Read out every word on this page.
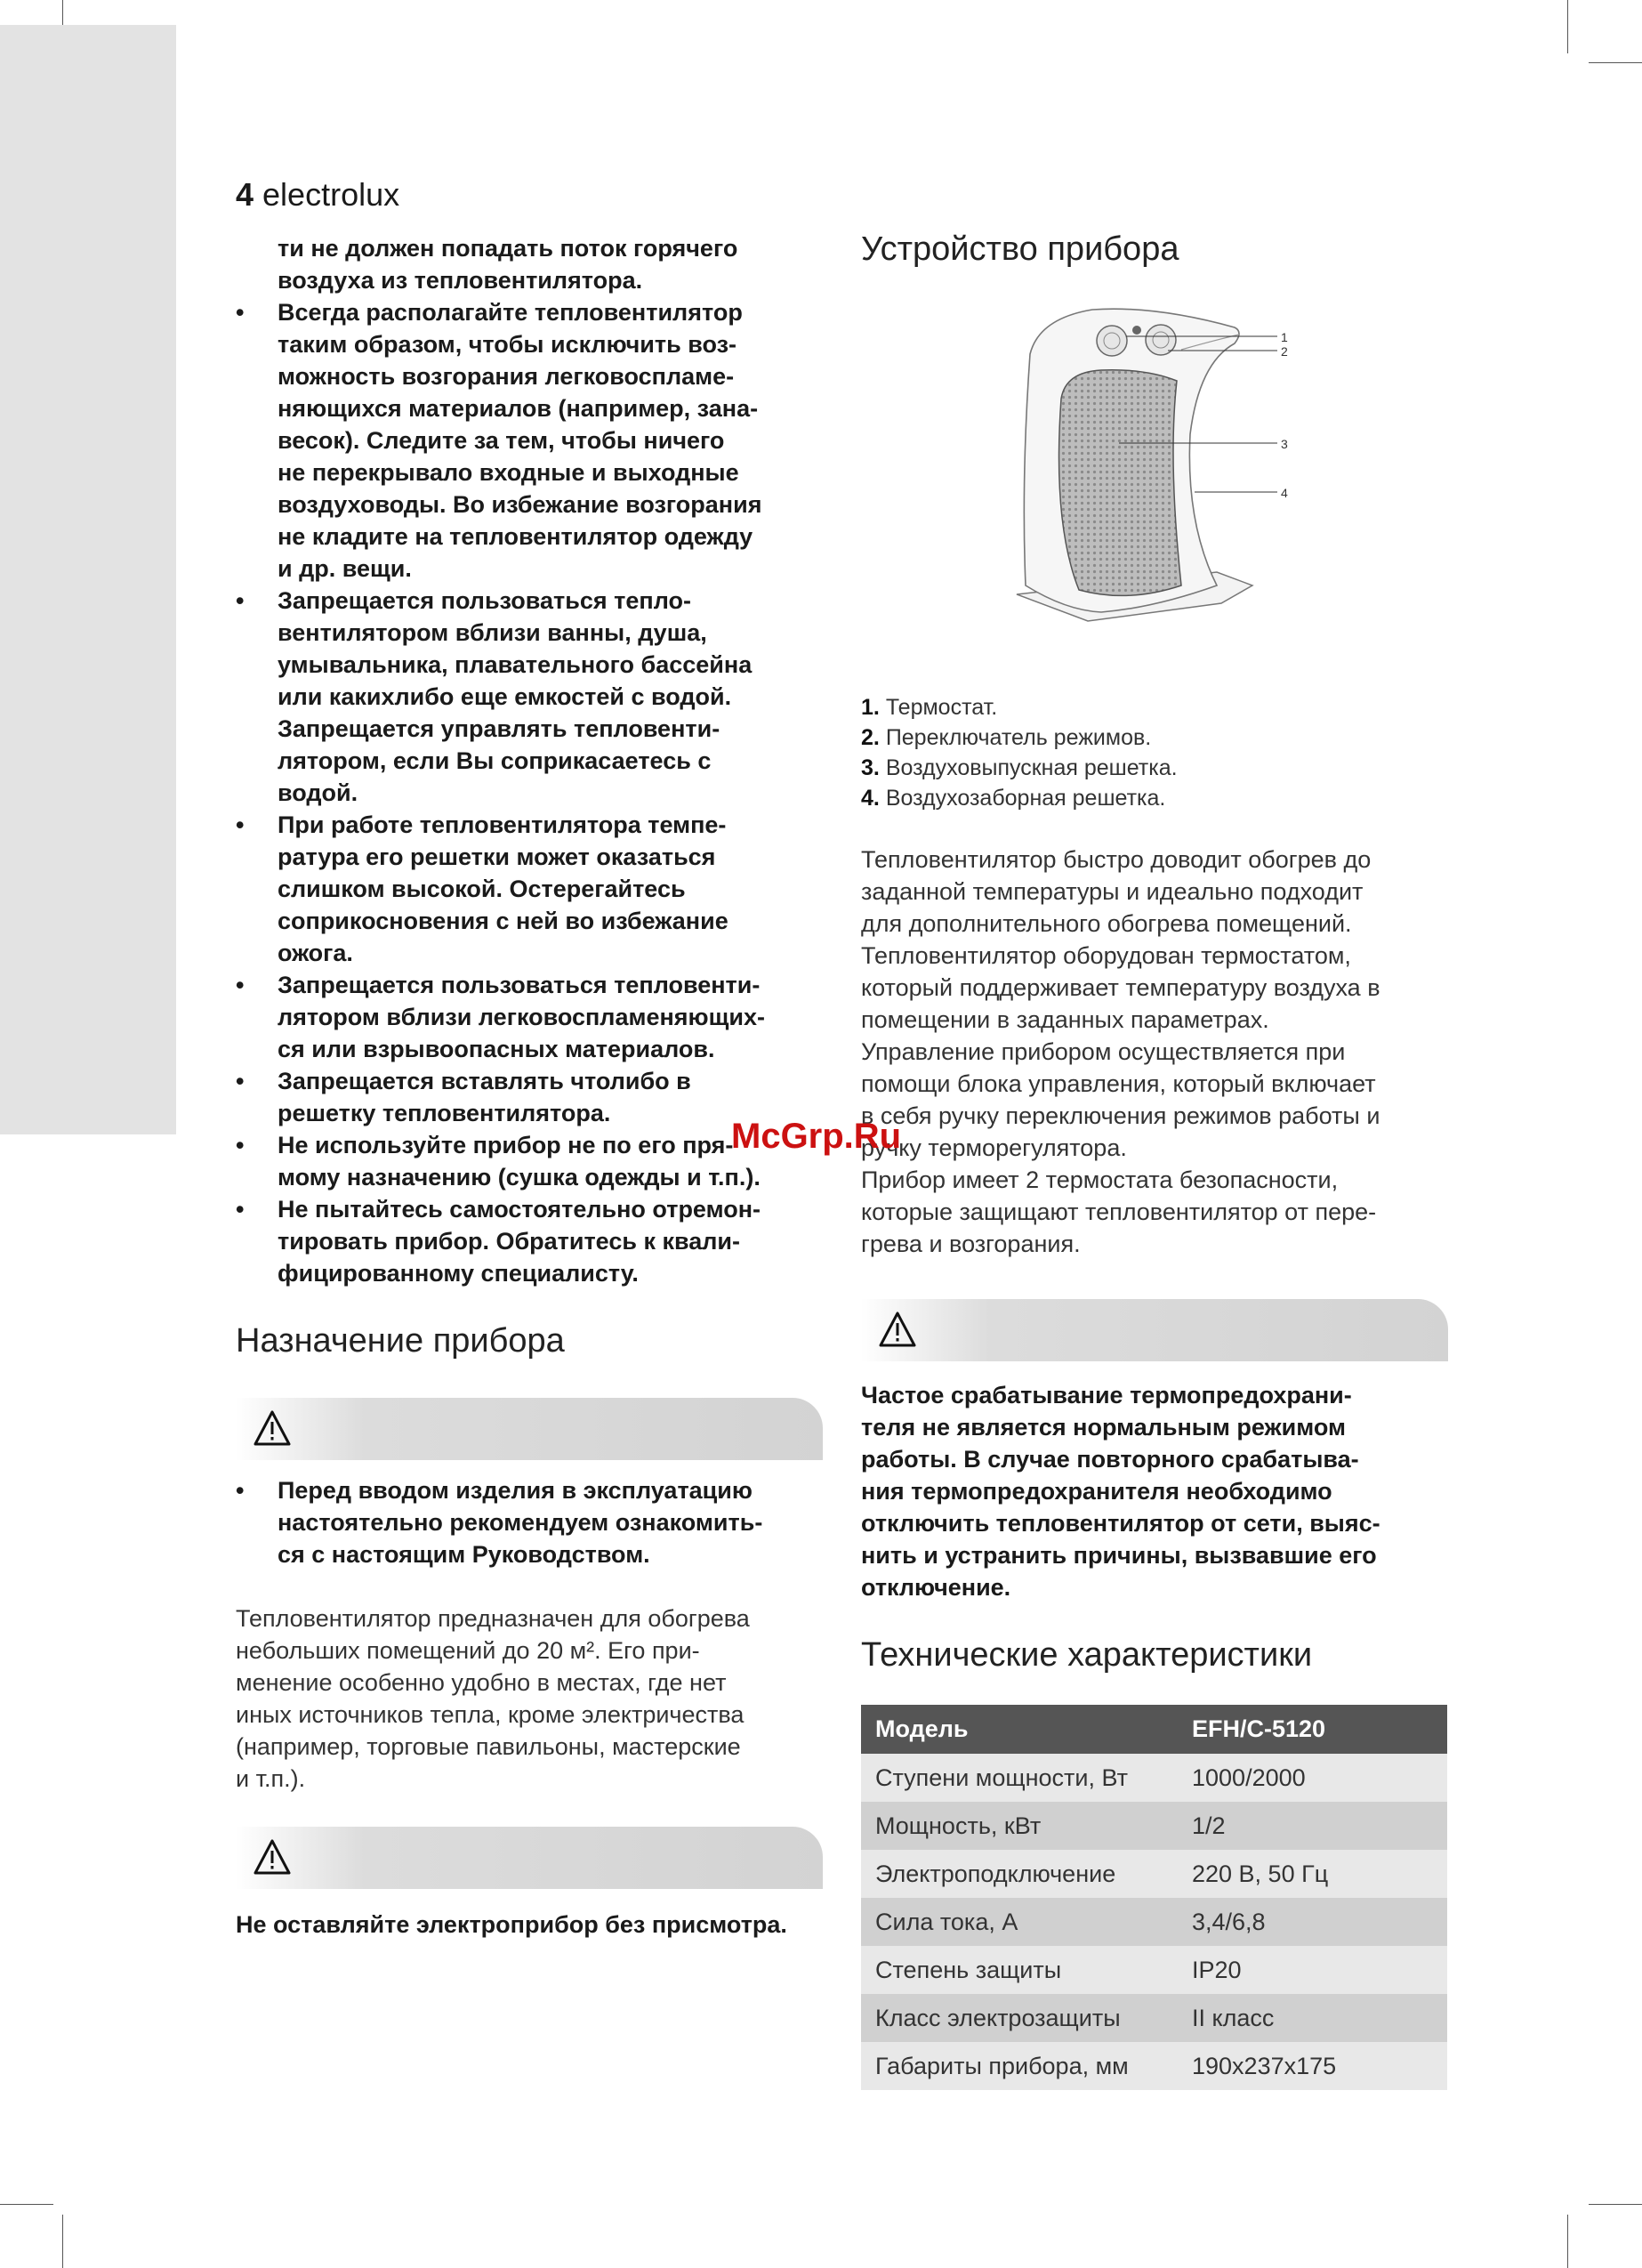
4 electrolux

ти не должен попадать поток горячего
воздуха из тепловентилятора.

• Всегда располагайте тепловентилятор
таким образом, чтобы исключить воз-
можность возгорания легковоспламе-
няющихся материалов (например, зана-
весок). Следите за тем, чтобы ничего
не перекрывало входные и выходные
воздуховоды. Во избежание возгорания
не кладите на тепловентилятор одежду
и др. вещи.
• Запрещается пользоваться тепло-
вентилятором вблизи ванны, душа,
умывальника, плавательного бассейна
или какихлибо еще емкостей с водой.
Запрещается управлять тепловенти-
лятором, если Вы соприкасаетесь с
водой.
• При работе тепловентилятора темпе-
ратура его решетки может оказаться
слишком высокой. Остерегайтесь
соприкосновения с ней во избежание
ожога.
• Запрещается пользоваться тепловенти-
лятором вблизи легковоспламеняющих-
ся или взрывоопасных материалов.
• Запрещается вставлять чтолибо в
решетку тепловентилятора.
• Не используйте прибор не по его пря-
мому назначению (сушка одежды и т.п.).
• Не пытайтесь самостоятельно отремон-
тировать прибор. Обратитесь к квали-
фицированному специалисту.
Назначение прибора
• Перед вводом изделия в эксплуатацию
настоятельно рекомендуем ознакомить-
ся с настоящим Руководством.

Тепловентилятор предназначен для обогрева
небольших помещений до 20 м². Его при-
менение особенно удобно в местах, где нет
иных источников тепла, кроме электричества
(например, торговые павильоны, мастерские
и т.п.).

Не оставляйте электроприбор без присмотра.

Устройство прибора
1
2
3
4
1. Термостат.
2. Переключатель режимов.
3. Воздуховыпускная решетка.
4. Воздухозаборная решетка.

Тепловентилятор быстро доводит обогрев до
заданной температуры и идеально подходит
для дополнительного обогрева помещений.
Тепловентилятор оборудован термостатом,
который поддерживает температуру воздуха в
помещении в заданных параметрах.
Управление прибором осуществляется при
помощи блока управления, который включает
в себя ручку переключения режимов работы и
ручку терморегулятора.
Прибор имеет 2 термостата безопасности,
которые защищают тепловентилятор от пере-
грева и возгорания.

Частое срабатывание термопредохрани-
теля не является нормальным режимом
работы. В случае повторного срабатыва-
ния термопредохранителя необходимо
отключить тепловентилятор от сети, выяс-
нить и устранить причины, вызвавшие его
отключение.

Технические характеристики
Модель	EFH/C-5120
Ступени мощности, Вт	1000/2000
Мощность, кВт	1/2
Электроподключение	220 В, 50 Гц
Сила тока, А	3,4/6,8
Степень защиты	IP20
Класс электрозащиты	II класс
Габариты прибора, мм	190x237x175
McGrp.Ru
